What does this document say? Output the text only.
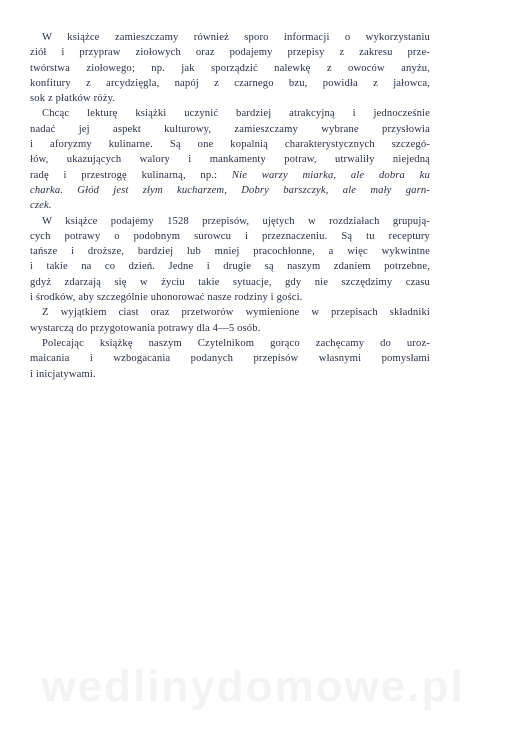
W książce zamieszczamy również sporo informacji o wykorzystaniu
ziół i przypraw ziołowych oraz podajemy przepisy z zakresu prze-
twórstwa ziołowego; np. jak sporządzić nalewkę z owoców anyżu,
konfitury z arcydzięgla, napój z czarnego bzu, powidła z jałowca,
sok z płatków róży.
Chcąc lekturę książki uczynić bardziej atrakcyjną i jednocześnie
nadać jej aspekt kulturowy, zamieszczamy wybrane przysłowia
i aforyzmy kulinarne. Są one kopalnią charakterystycznych szczegó-
łów, ukazujących walory i mankamenty potraw, utrwaliły niejedną
radę i przestrogę kulinarną, np.: Nie warzy miarka, ale dobra ku
charka. Głód jest złym kucharzem, Dobry barszczyk, ale mały garn-
czek.
W książce podajemy 1528 przepisów, ujętych w rozdziałach grupują-
cych potrawy o podobnym surowcu i przeznaczeniu. Są tu receptury
tańsze i droższe, bardziej lub mniej pracochłonne, a więc wykwintne
i takie na co dzień. Jedne i drugie są naszym zdaniem potrzebne,
gdyż zdarzają się w życiu takie sytuacje, gdy nie szczędzimy czasu
i środków, aby szczególnie uhonorować nasze rodziny i gości.
Z wyjątkiem ciast oraz przetworów wymienione w przepisach składniki
wystarczą do przygotowania potrawy dla 4—5 osób.
Polecając książkę naszym Czytelnikom gorąco zachęcamy do uroz-
maicania i wzbogacania podanych przepisów własnymi pomysłami
i inicjatywami.
wedlinydomowe.pl
